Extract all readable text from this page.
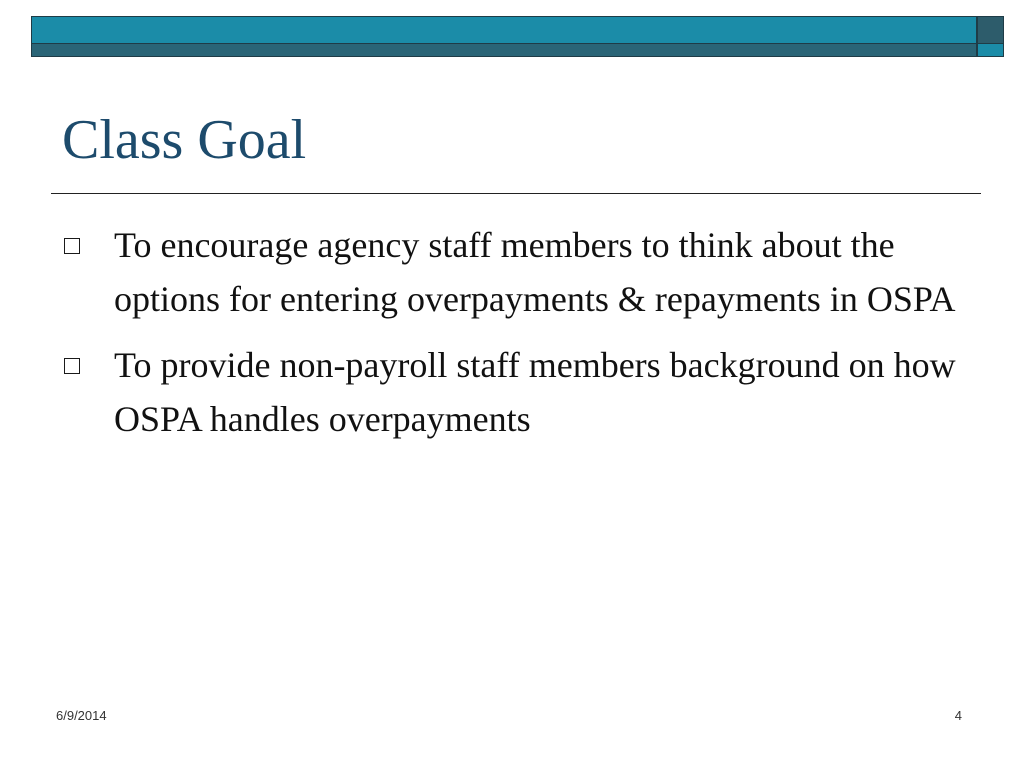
Class Goal
To encourage agency staff members to think about the options for entering overpayments & repayments in OSPA
To provide non-payroll staff members background on how OSPA handles overpayments
6/9/2014	4
